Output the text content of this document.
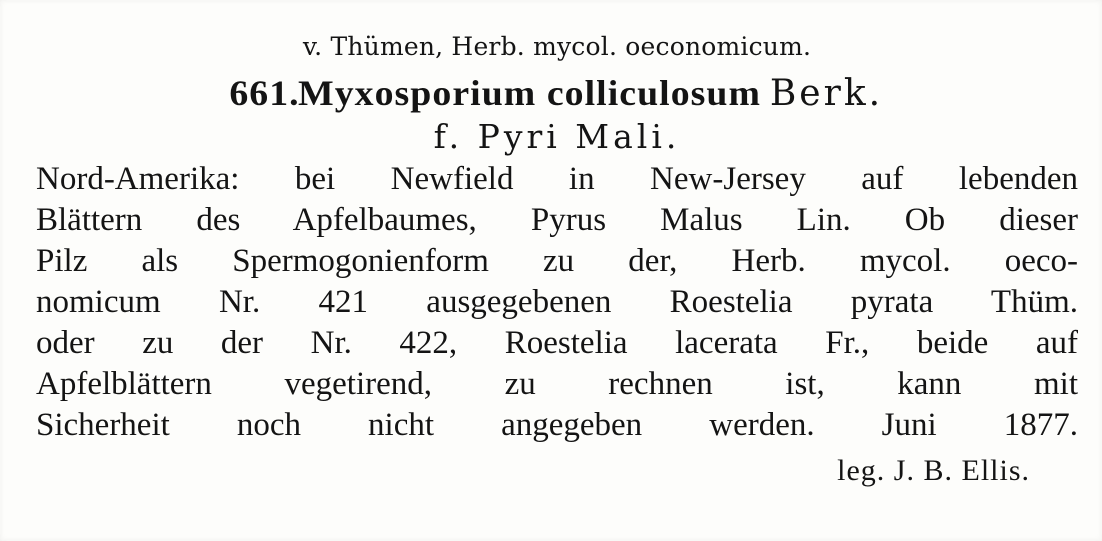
v. Thümen, Herb. mycol. oeconomicum.
661. Myxosporium colliculosum Berk.
f. Pyri Mali.
Nord-Amerika: bei Newfield in New-Jersey auf lebenden
Blättern des Apfelbaumes, Pyrus Malus Lin. Ob dieser
Pilz als Spermogonienform zu der, Herb. mycol. oeco-
nomicum Nr. 421 ausgegebenen Roestelia pyrata Thüm.
oder zu der Nr. 422, Roestelia lacerata Fr., beide auf
Apfelblättern vegetirend, zu rechnen ist, kann mit
Sicherheit noch nicht angegeben werden. Juni 1877.
leg. J. B. Ellis.
